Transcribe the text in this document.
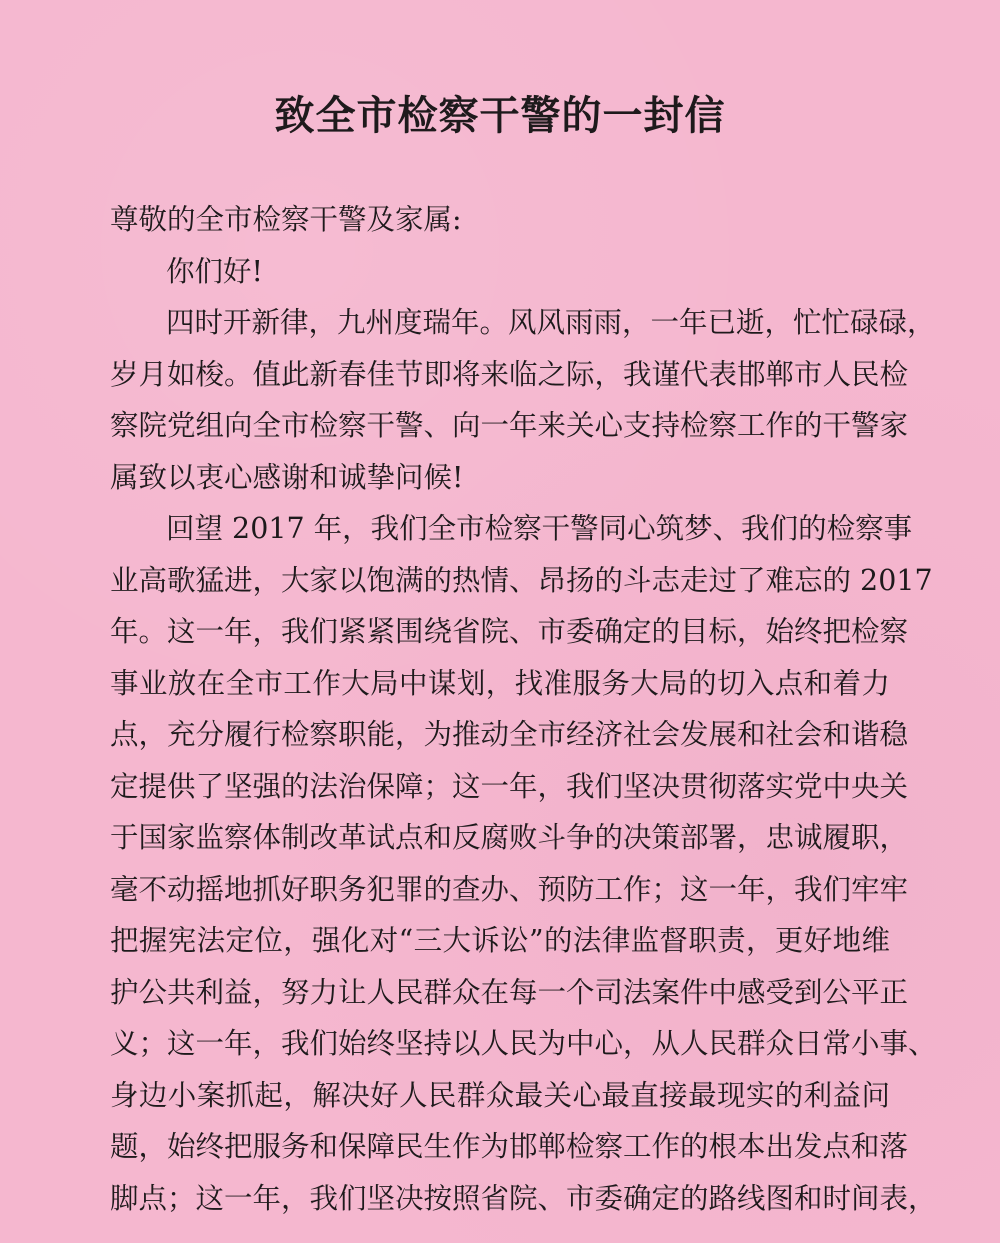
致全市检察干警的一封信
尊敬的全市检察干警及家属:
你们好!
四时开新律，九州度瑞年。风风雨雨，一年已逝，忙忙碌碌，
岁月如梭。值此新春佳节即将来临之际，我谨代表邯郸市人民检
察院党组向全市检察干警、向一年来关心支持检察工作的干警家
属致以衷心感谢和诚挚问候!
回望 2017 年，我们全市检察干警同心筑梦、我们的检察事
业高歌猛进，大家以饱满的热情、昂扬的斗志走过了难忘的 2017
年。这一年，我们紧紧围绕省院、市委确定的目标，始终把检察
事业放在全市工作大局中谋划，找准服务大局的切入点和着力
点，充分履行检察职能，为推动全市经济社会发展和社会和谐稳
定提供了坚强的法治保障；这一年，我们坚决贯彻落实党中央关
于国家监察体制改革试点和反腐败斗争的决策部署，忠诚履职，
毫不动摇地抓好职务犯罪的查办、预防工作；这一年，我们牢牢
把握宪法定位，强化对“三大诉讼”的法律监督职责，更好地维
护公共利益，努力让人民群众在每一个司法案件中感受到公平正
义；这一年，我们始终坚持以人民为中心，从人民群众日常小事、
身边小案抓起，解决好人民群众最关心最直接最现实的利益问
题，始终把服务和保障民生作为邯郸检察工作的根本出发点和落
脚点；这一年，我们坚决按照省院、市委确定的路线图和时间表，
